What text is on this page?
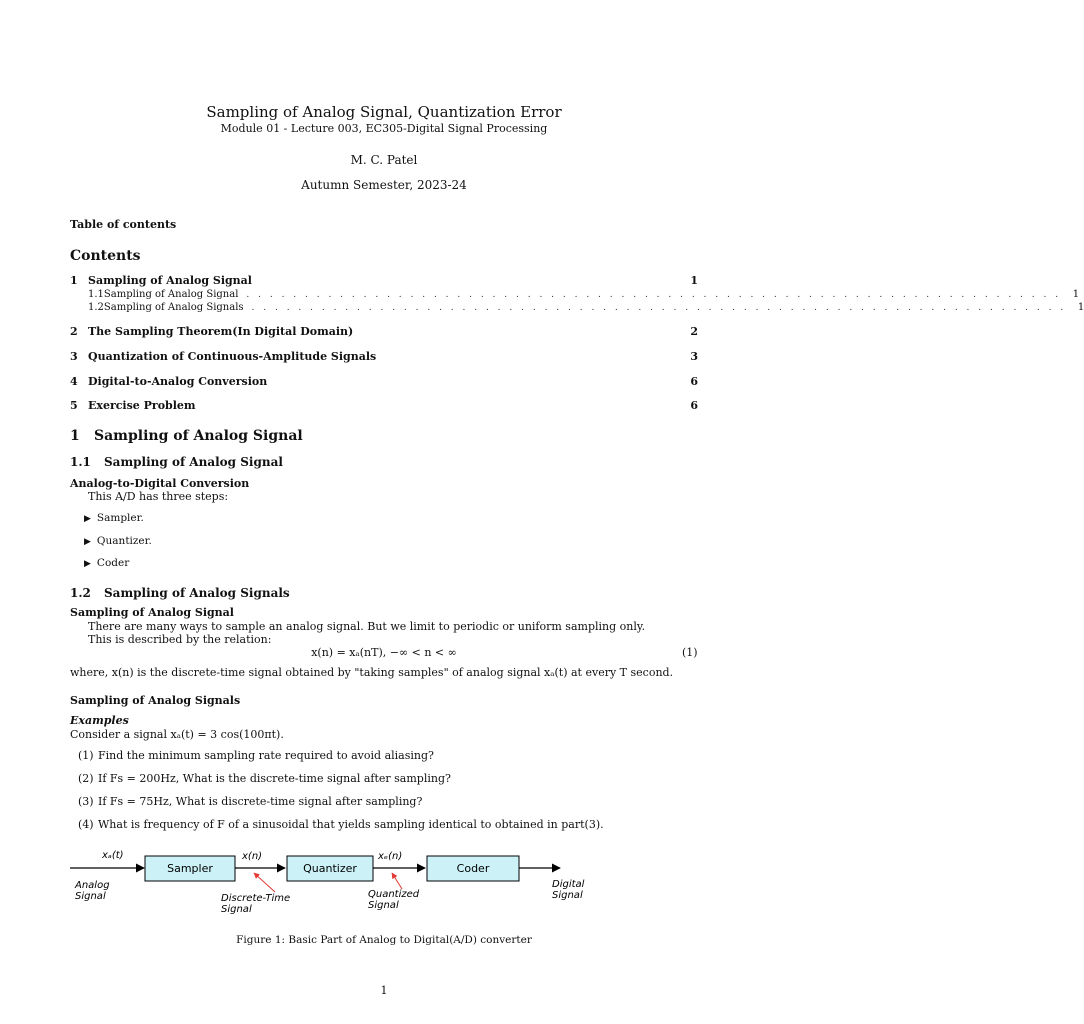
Sampling of Analog Signal, Quantization Error
Module 01 - Lecture 003, EC305-Digital Signal Processing
M. C. Patel
Autumn Semester, 2023-24
Table of contents
Contents
1 Sampling of Analog Signal	1
1.1 Sampling of Analog Signal . . . . . . . . . . . . . . . . . . . . . . . . . . . . . . . . . . . . . . . . . . . . . . . . . . . . . . . . . . . . . . . . . . . . . .	1
1.2 Sampling of Analog Signals . . . . . . . . . . . . . . . . . . . . . . . . . . . . . . . . . . . . . . . . . . . . . . . . . . . . . . . . . . . . . . . . . . . . . .	1
2 The Sampling Theorem(In Digital Domain)	2
3 Quantization of Continuous-Amplitude Signals	3
4 Digital-to-Analog Conversion	6
5 Exercise Problem	6
1 Sampling of Analog Signal
1.1 Sampling of Analog Signal
Analog-to-Digital Conversion
This A/D has three steps:
▶ Sampler.
▶ Quantizer.
▶ Coder
1.2 Sampling of Analog Signals
Sampling of Analog Signal
There are many ways to sample an analog signal. But we limit to periodic or uniform sampling only.
This is described by the relation:
x(n) = xₐ(nT), −∞ < n < ∞	(1)
where, x(n) is the discrete-time signal obtained by "taking samples" of analog signal xₐ(t) at every T second.
Sampling of Analog Signals
Examples
Consider a signal xₐ(t) = 3 cos(100πt).
(1) Find the minimum sampling rate required to avoid aliasing?
(2) If Fs = 200Hz, What is the discrete-time signal after sampling?
(3) If Fs = 75Hz, What is discrete-time signal after sampling?
(4) What is frequency of F of a sinusoidal that yields sampling identical to obtained in part(3).
xₐ(t)
Sampler
x(n)
Quantizer
xₑ(n)
Coder
Analog
Signal	Discrete-Time
Signal
Quantized
Signal
Digital
Signal
Figure 1: Basic Part of Analog to Digital(A/D) converter
1
